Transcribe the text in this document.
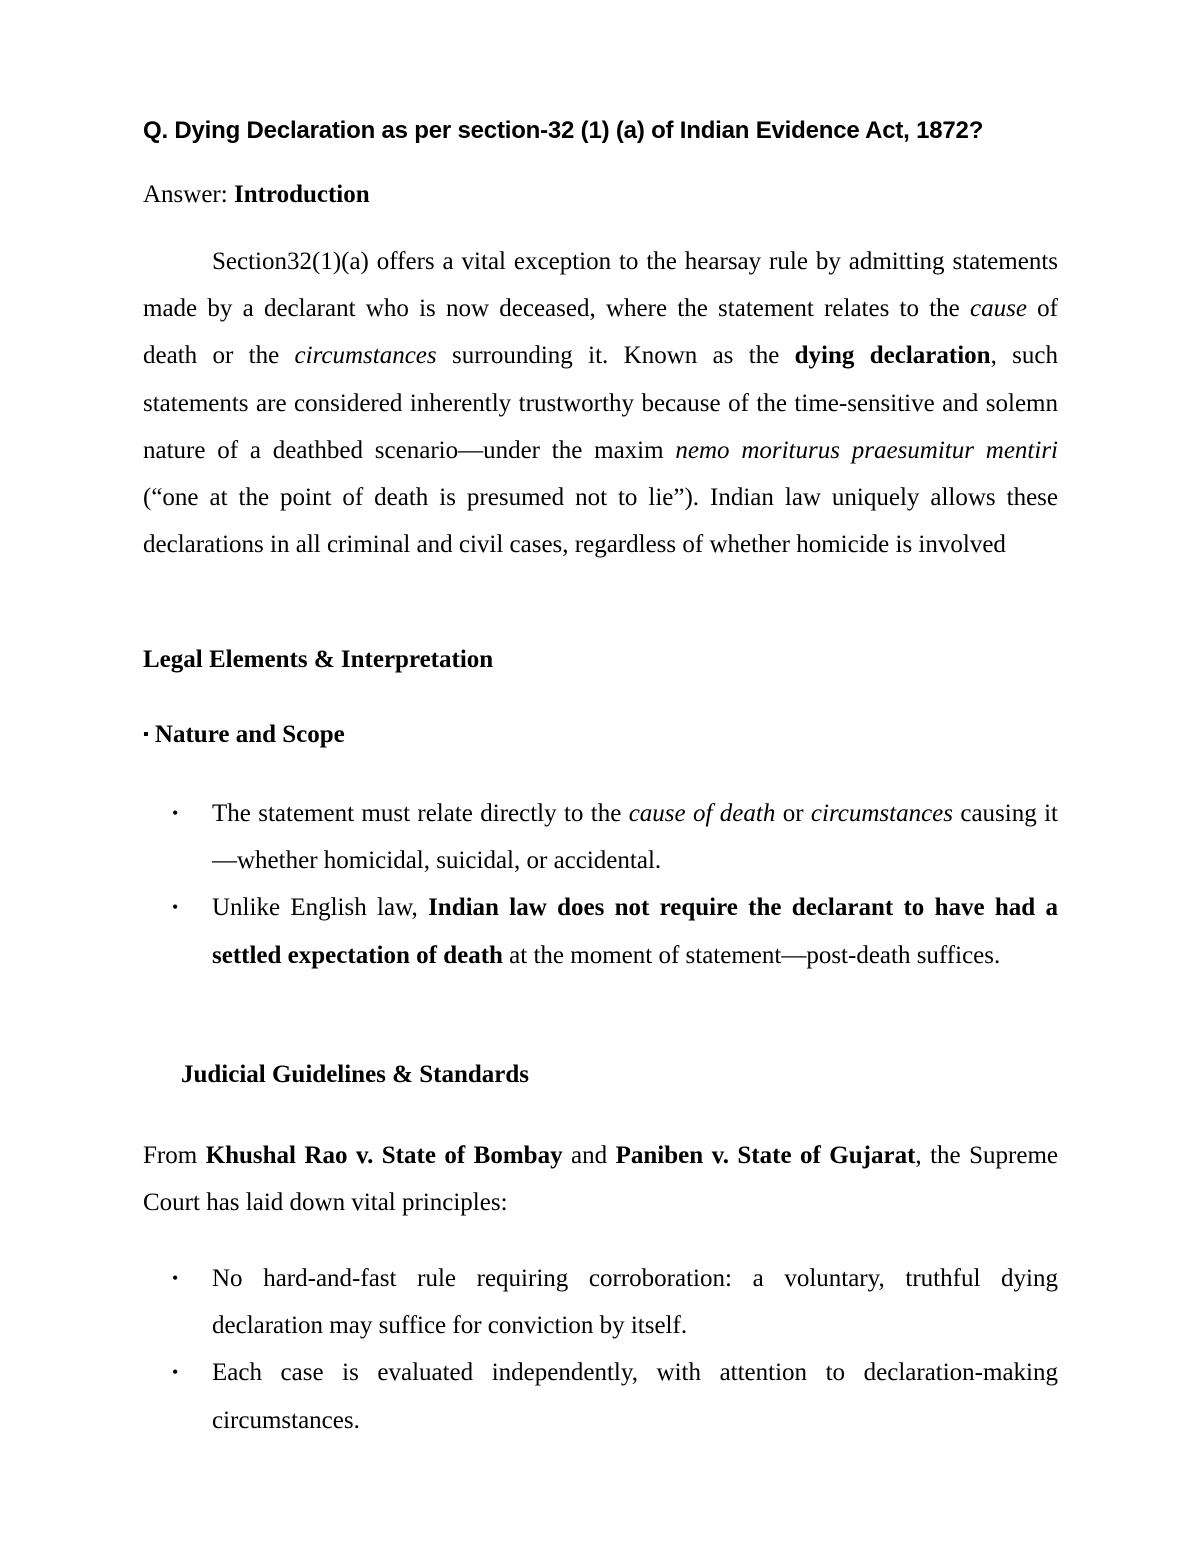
Q. Dying Declaration as per section-32 (1) (a) of Indian Evidence Act, 1872?
Answer: Introduction

Section32(1)(a) offers a vital exception to the hearsay rule by admitting statements made by a declarant who is now deceased, where the statement relates to the cause of death or the circumstances surrounding it. Known as the dying declaration, such statements are considered inherently trustworthy because of the time-sensitive and solemn nature of a deathbed scenario—under the maxim nemo moriturus praesumitur mentiri (“one at the point of death is presumed not to lie”). Indian law uniquely allows these declarations in all criminal and civil cases, regardless of whether homicide is involved

Legal Elements & Interpretation
▪ Nature and Scope
• The statement must relate directly to the cause of death or circumstances causing it—whether homicidal, suicidal, or accidental.
• Unlike English law, Indian law does not require the declarant to have had a settled expectation of death at the moment of statement—post-death suffices.
Judicial Guidelines & Standards

From Khushal Rao v. State of Bombay and Paniben v. State of Gujarat, the Supreme Court has laid down vital principles:

• No hard-and-fast rule requiring corroboration: a voluntary, truthful dying declaration may suffice for conviction by itself.
• Each case is evaluated independently, with attention to declaration-making circumstances.
